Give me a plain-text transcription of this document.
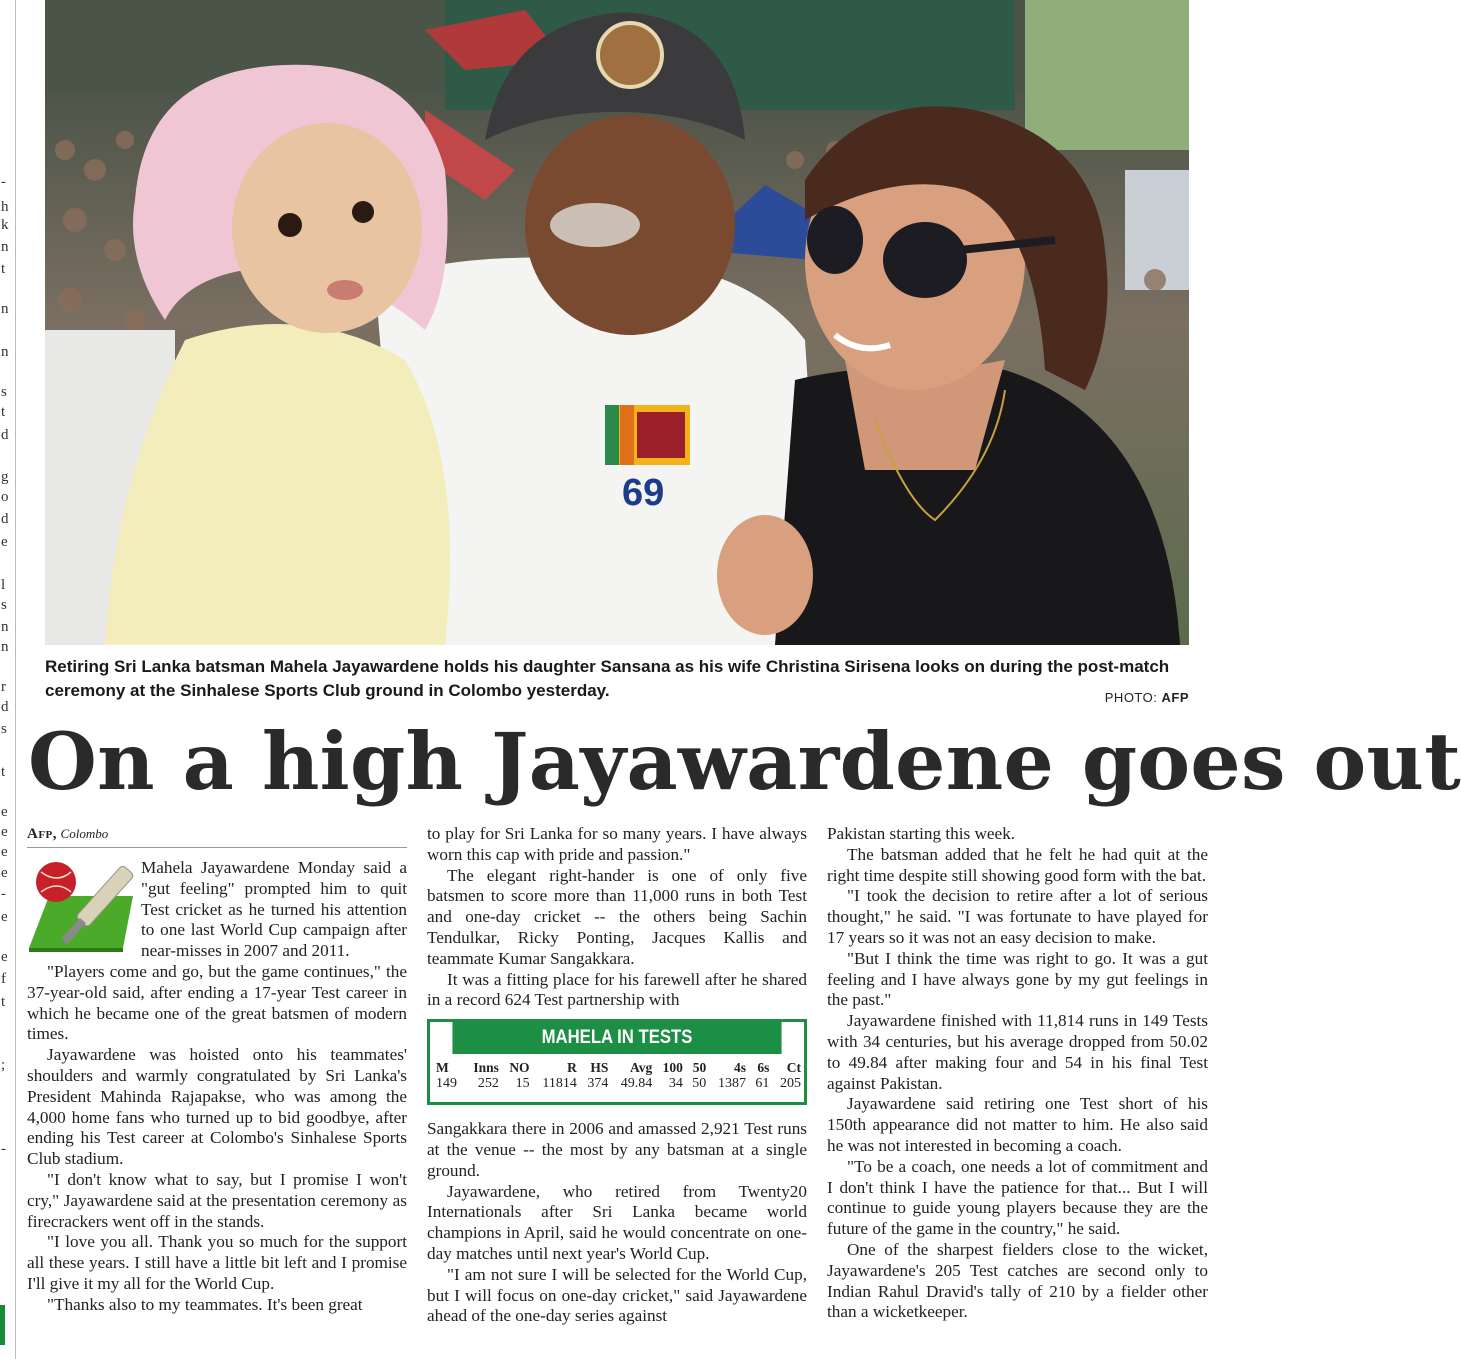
-
h
k
n
t
n
n
s
t
d
g
o
d
e
l
s
n
n
r
d
s
t
e
e
e
e
-
e
e
f
t
;
-
69
Retiring Sri Lanka batsman Mahela Jayawardene holds his daughter Sansana as his wife Christina Sirisena looks on during the post-match ceremony at the Sinhalese Sports Club ground in Colombo yesterday.	PHOTO: AFP
On a high Jayawardene goes out
Afp, Colombo

Mahela Jayawardene Monday said a "gut feeling" prompted him to quit Test cricket as he turned his attention to one last World Cup campaign after near-misses in 2007 and 2011.

"Players come and go, but the game continues," the 37-year-old said, after ending a 17-year Test career in which he became one of the great batsmen of modern times.

Jayawardene was hoisted onto his teammates' shoulders and warmly congratulated by Sri Lanka's President Mahinda Rajapakse, who was among the 4,000 home fans who turned up to bid goodbye, after ending his Test career at Colombo's Sinhalese Sports Club stadium.

"I don't know what to say, but I promise I won't cry," Jayawardene said at the presentation ceremony as firecrackers went off in the stands.

"I love you all. Thank you so much for the support all these years. I still have a little bit left and I promise I'll give it my all for the World Cup.

"Thanks also to my teammates. It's been great

to play for Sri Lanka for so many years. I have always worn this cap with pride and passion."

The elegant right-hander is one of only five batsmen to score more than 11,000 runs in both Test and one-day cricket -- the others being Sachin Tendulkar, Ricky Ponting, Jacques Kallis and teammate Kumar Sangakkara.

It was a fitting place for his farewell after he shared in a record 624 Test partnership with

MAHELA IN TESTS
M	Inns	NO	R	HS	Avg	100	50	4s	6s	Ct
149	252	15	11814	374	49.84	34	50	1387	61	205

Sangakkara there in 2006 and amassed 2,921 Test runs at the venue -- the most by any batsman at a single ground.

Jayawardene, who retired from Twenty20 Internationals after Sri Lanka became world champions in April, said he would concentrate on one-day matches until next year's World Cup.

"I am not sure I will be selected for the World Cup, but I will focus on one-day cricket," said Jayawardene ahead of the one-day series against

Pakistan starting this week.

The batsman added that he felt he had quit at the right time despite still showing good form with the bat.

"I took the decision to retire after a lot of serious thought," he said. "I was fortunate to have played for 17 years so it was not an easy decision to make.

"But I think the time was right to go. It was a gut feeling and I have always gone by my gut feelings in the past."

Jayawardene finished with 11,814 runs in 149 Tests with 34 centuries, but his average dropped from 50.02 to 49.84 after making four and 54 in his final Test against Pakistan.

Jayawardene said retiring one Test short of his 150th appearance did not matter to him. He also said he was not interested in becoming a coach.

"To be a coach, one needs a lot of commitment and I don't think I have the patience for that... But I will continue to guide young players because they are the future of the game in the country," he said.

One of the sharpest fielders close to the wicket, Jayawardene's 205 Test catches are second only to Indian Rahul Dravid's tally of 210 by a fielder other than a wicketkeeper.
